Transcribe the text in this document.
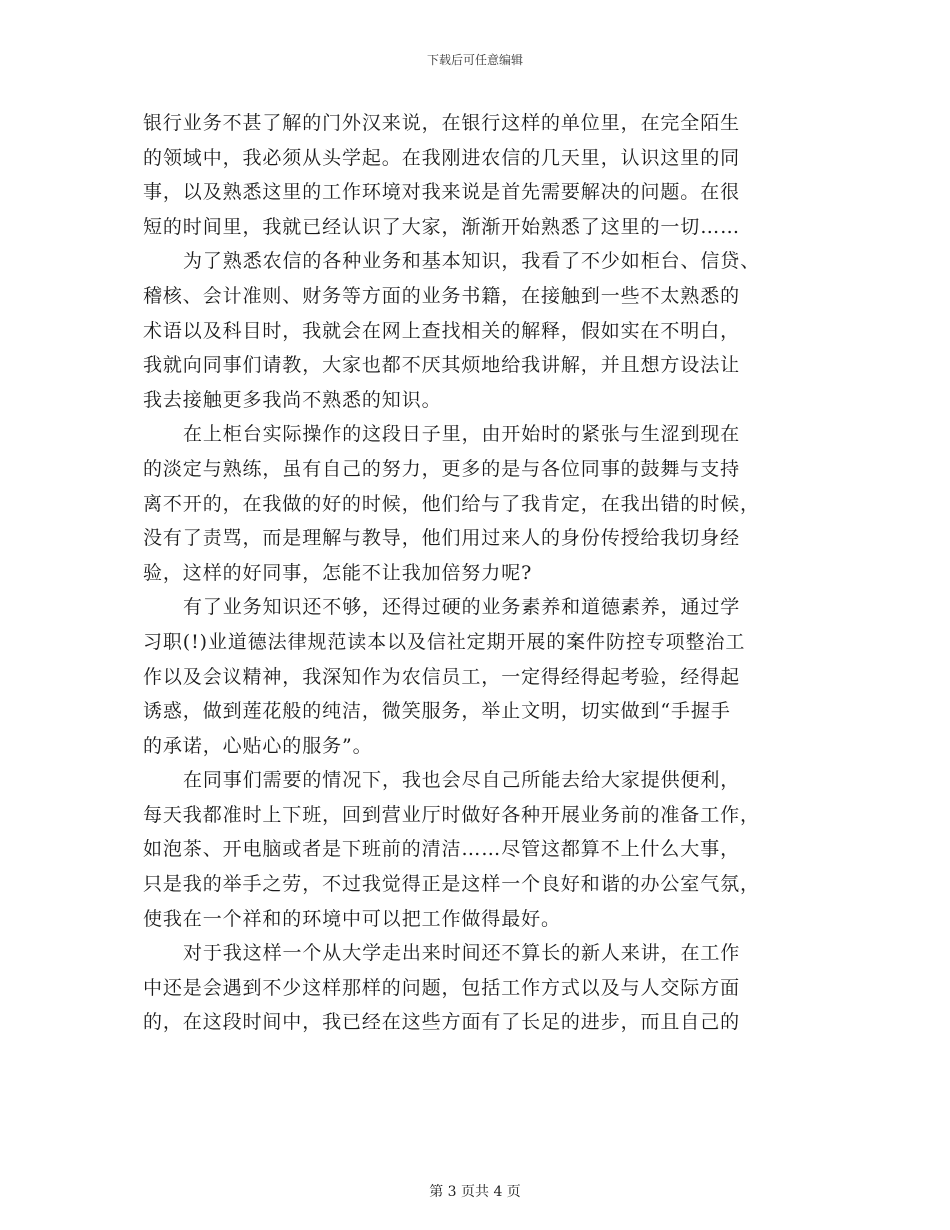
下载后可任意编辑
银行业务不甚了解的门外汉来说，在银行这样的单位里，在完全陌生
的领域中，我必须从头学起。在我刚进农信的几天里，认识这里的同
事，以及熟悉这里的工作环境对我来说是首先需要解决的问题。在很
短的时间里，我就已经认识了大家，渐渐开始熟悉了这里的一切……
为了熟悉农信的各种业务和基本知识，我看了不少如柜台、信贷、
稽核、会计准则、财务等方面的业务书籍，在接触到一些不太熟悉的
术语以及科目时，我就会在网上查找相关的解释，假如实在不明白，
我就向同事们请教，大家也都不厌其烦地给我讲解，并且想方设法让
我去接触更多我尚不熟悉的知识。
在上柜台实际操作的这段日子里，由开始时的紧张与生涩到现在
的淡定与熟练，虽有自己的努力，更多的是与各位同事的鼓舞与支持
离不开的，在我做的好的时候，他们给与了我肯定，在我出错的时候，
没有了责骂，而是理解与教导，他们用过来人的身份传授给我切身经
验，这样的好同事，怎能不让我加倍努力呢?
有了业务知识还不够，还得过硬的业务素养和道德素养，通过学
习职(!)业道德法律规范读本以及信社定期开展的案件防控专项整治工
作以及会议精神，我深知作为农信员工，一定得经得起考验，经得起
诱惑，做到莲花般的纯洁，微笑服务，举止文明，切实做到“手握手
的承诺，心贴心的服务”。
在同事们需要的情况下，我也会尽自己所能去给大家提供便利，
每天我都准时上下班，回到营业厅时做好各种开展业务前的准备工作，
如泡茶、开电脑或者是下班前的清洁……尽管这都算不上什么大事，
只是我的举手之劳，不过我觉得正是这样一个良好和谐的办公室气氛，
使我在一个祥和的环境中可以把工作做得最好。
对于我这样一个从大学走出来时间还不算长的新人来讲，在工作
中还是会遇到不少这样那样的问题，包括工作方式以及与人交际方面
的，在这段时间中，我已经在这些方面有了长足的进步，而且自己的
第 3 页共 4 页
